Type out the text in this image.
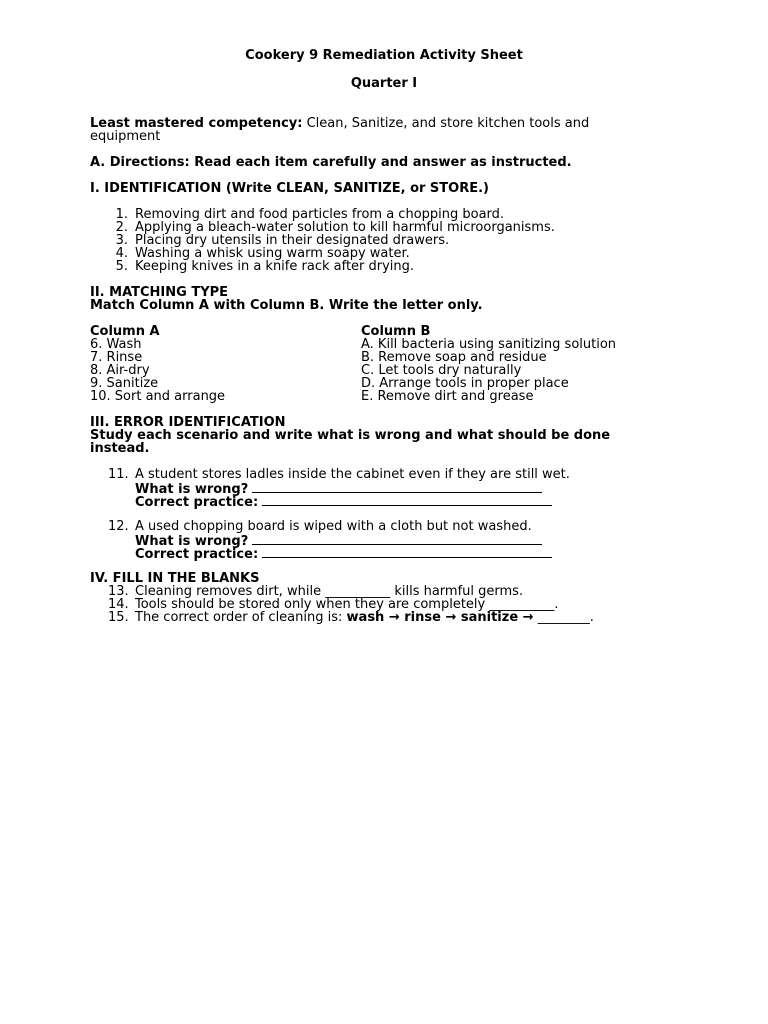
Cookery 9 Remediation Activity Sheet
Quarter I
Least mastered competency: Clean, Sanitize, and store kitchen tools and
equipment
A. Directions: Read each item carefully and answer as instructed.
I. IDENTIFICATION (Write CLEAN, SANITIZE, or STORE.)
1. Removing dirt and food particles from a chopping board.
2. Applying a bleach-water solution to kill harmful microorganisms.
3. Placing dry utensils in their designated drawers.
4. Washing a whisk using warm soapy water.
5. Keeping knives in a knife rack after drying.
II. MATCHING TYPE
Match Column A with Column B. Write the letter only.
Column A	Column B
6. Wash
7. Rinse
8. Air-dry
9. Sanitize
10. Sort and arrange
A. Kill bacteria using sanitizing solution
B. Remove soap and residue
C. Let tools dry naturally
D. Arrange tools in proper place
E. Remove dirt and grease
III. ERROR IDENTIFICATION
Study each scenario and write what is wrong and what should be done
instead.
11. A student stores ladles inside the cabinet even if they are still wet.
What is wrong?
Correct practice:
12. A used chopping board is wiped with a cloth but not washed.
What is wrong?
Correct practice:
IV. FILL IN THE BLANKS
13. Cleaning removes dirt, while __________ kills harmful germs.
14. Tools should be stored only when they are completely __________.
15. The correct order of cleaning is: wash → rinse → sanitize → ________.
